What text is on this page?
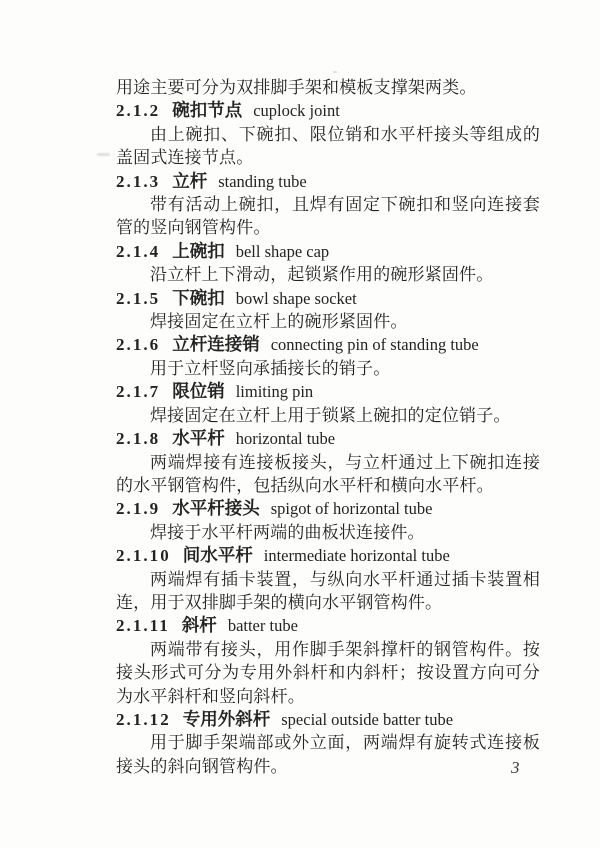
用途主要可分为双排脚手架和模板支撑架两类。

2.1.2 碗扣节点 cuplock joint

由上碗扣、下碗扣、限位销和水平杆接头等组成的盖固式连接节点。

2.1.3 立杆 standing tube

带有活动上碗扣，且焊有固定下碗扣和竖向连接套管的竖向钢管构件。

2.1.4 上碗扣 bell shape cap

沿立杆上下滑动，起锁紧作用的碗形紧固件。

2.1.5 下碗扣 bowl shape socket

焊接固定在立杆上的碗形紧固件。

2.1.6 立杆连接销 connecting pin of standing tube

用于立杆竖向承插接长的销子。

2.1.7 限位销 limiting pin

焊接固定在立杆上用于锁紧上碗扣的定位销子。

2.1.8 水平杆 horizontal tube

两端焊接有连接板接头，与立杆通过上下碗扣连接的水平钢管构件，包括纵向水平杆和横向水平杆。

2.1.9 水平杆接头 spigot of horizontal tube

焊接于水平杆两端的曲板状连接件。

2.1.10 间水平杆 intermediate horizontal tube

两端焊有插卡装置，与纵向水平杆通过插卡装置相连，用于双排脚手架的横向水平钢管构件。

2.1.11 斜杆 batter tube

两端带有接头，用作脚手架斜撑杆的钢管构件。按接头形式可分为专用外斜杆和内斜杆；按设置方向可分为水平斜杆和竖向斜杆。

2.1.12 专用外斜杆 special outside batter tube

用于脚手架端部或外立面，两端焊有旋转式连接板接头的斜向钢管构件。	3
